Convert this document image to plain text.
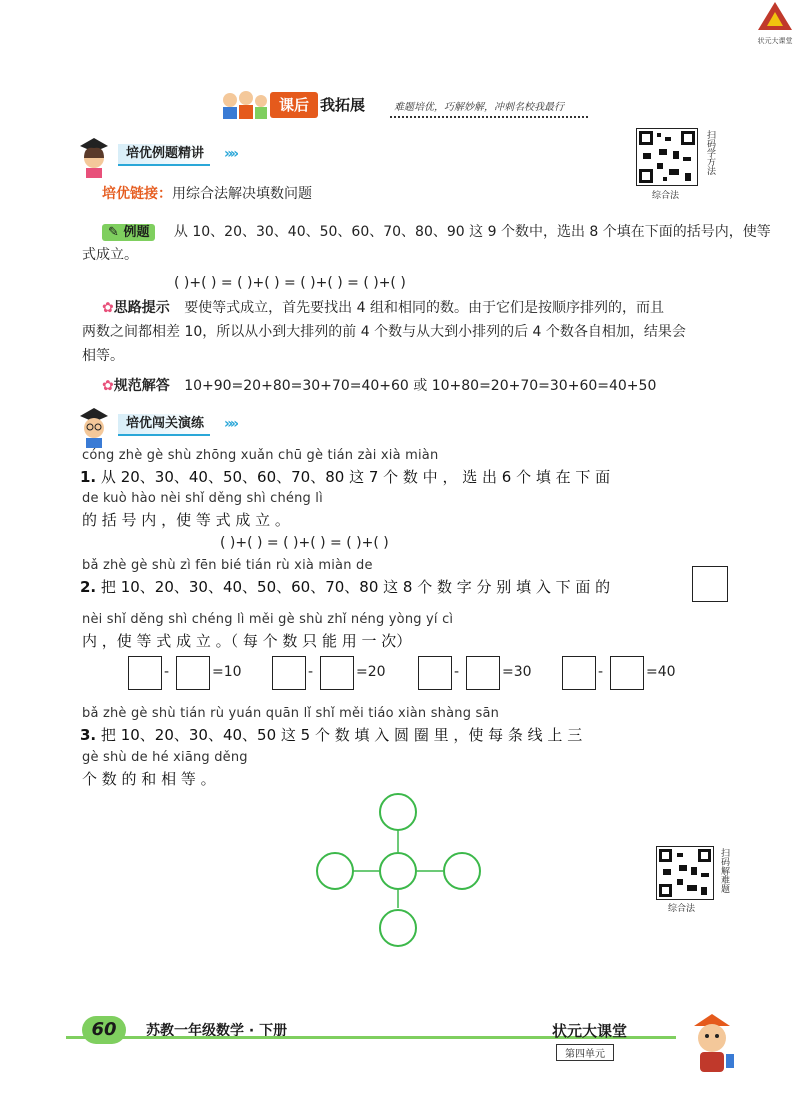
状元大课堂
课后 我拓展	难题培优，巧解妙解，冲刺名校我最行
扫码学方法
综合法
培优例题精讲	»»
培优链接：用综合法解决填数问题
✎ 例题 从 10、20、30、40、50、60、70、80、90 这 9 个数中，选出 8 个填在下面的括号内，使等
式成立。
( )+( ) = ( )+( ) = ( )+( ) = ( )+( )
✿思路提示 要使等式成立，首先要找出 4 组和相同的数。由于它们是按顺序排列的，而且
两数之间都相差 10，所以从小到大排列的前 4 个数与从大到小排列的后 4 个数各自相加，结果会
相等。
✿规范解答 10+90=20+80=30+70=40+60 或 10+80=20+70=30+60=40+50
培优闯关演练	»»
cóng zhè gè shù zhōng xuǎn chū gè tián zài xià miàn
1. 从 20、30、40、50、60、70、80 这 7 个 数 中 ， 选 出 6 个 填 在 下 面
de kuò hào nèi shǐ děng shì chéng lì
的 括 号 内 ，使 等 式 成 立 。
( )+( ) = ( )+( ) = ( )+( )
bǎ zhè gè shù zì fēn bié tián rù xià miàn de
2. 把 10、20、30、40、50、60、70、80 这 8 个 数 字 分 别 填 入 下 面 的
nèi shǐ děng shì chéng lì měi gè shù zhǐ néng yòng yí cì
内 ，使 等 式 成 立 。（ 每 个 数 只 能 用 一 次）
-	=10	-	=20	-	=30	-	=40
bǎ zhè gè shù tián rù yuán quān lǐ shǐ měi tiáo xiàn shàng sān
3. 把 10、20、30、40、50 这 5 个 数 填 入 圆 圈 里 ，使 每 条 线 上 三
gè shù de hé xiāng děng
个 数 的 和 相 等 。
扫码解难题
综合法
60	苏教一年级数学 · 下册	状元大课堂
第四单元
